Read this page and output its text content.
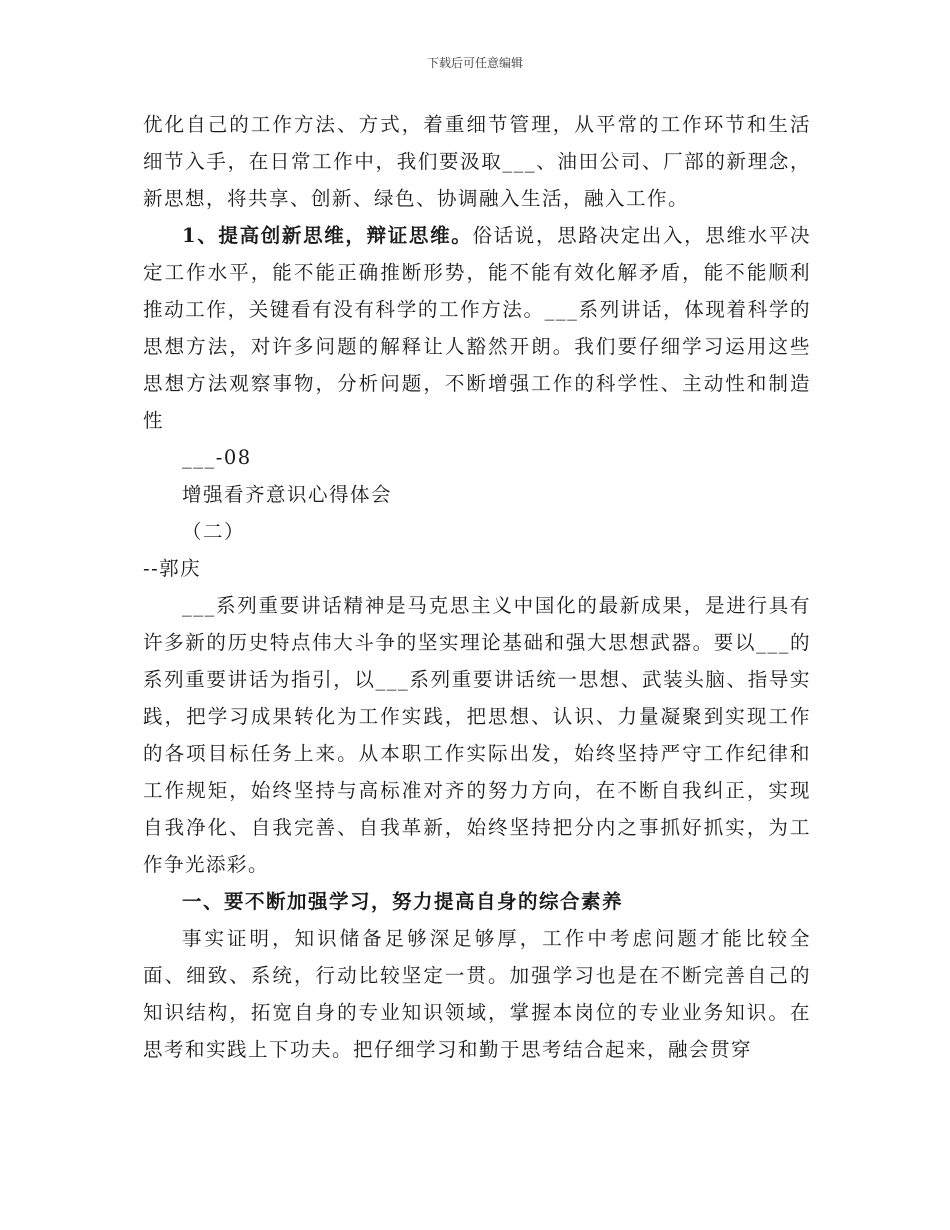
下载后可任意编辑

优化自己的工作方法、方式，着重细节管理，从平常的工作环节和生活细节入手，在日常工作中，我们要汲取___、油田公司、厂部的新理念，新思想，将共享、创新、绿色、协调融入生活，融入工作。

1、提高创新思维，辩证思维。俗话说，思路决定出入，思维水平决定工作水平，能不能正确推断形势，能不能有效化解矛盾，能不能顺利推动工作，关键看有没有科学的工作方法。___系列讲话，体现着科学的思想方法，对许多问题的解释让人豁然开朗。我们要仔细学习运用这些思想方法观察事物，分析问题，不断增强工作的科学性、主动性和制造性

___-08

增强看齐意识心得体会

（二）

--郭庆

___系列重要讲话精神是马克思主义中国化的最新成果，是进行具有许多新的历史特点伟大斗争的坚实理论基础和强大思想武器。要以___的系列重要讲话为指引，以___系列重要讲话统一思想、武装头脑、指导实践，把学习成果转化为工作实践，把思想、认识、力量凝聚到实现工作的各项目标任务上来。从本职工作实际出发，始终坚持严守工作纪律和工作规矩，始终坚持与高标准对齐的努力方向，在不断自我纠正，实现自我净化、自我完善、自我革新，始终坚持把分内之事抓好抓实，为工作争光添彩。

一、要不断加强学习，努力提高自身的综合素养

事实证明，知识储备足够深足够厚，工作中考虑问题才能比较全面、细致、系统，行动比较坚定一贯。加强学习也是在不断完善自己的知识结构，拓宽自身的专业知识领域，掌握本岗位的专业业务知识。在思考和实践上下功夫。把仔细学习和勤于思考结合起来，融会贯穿
